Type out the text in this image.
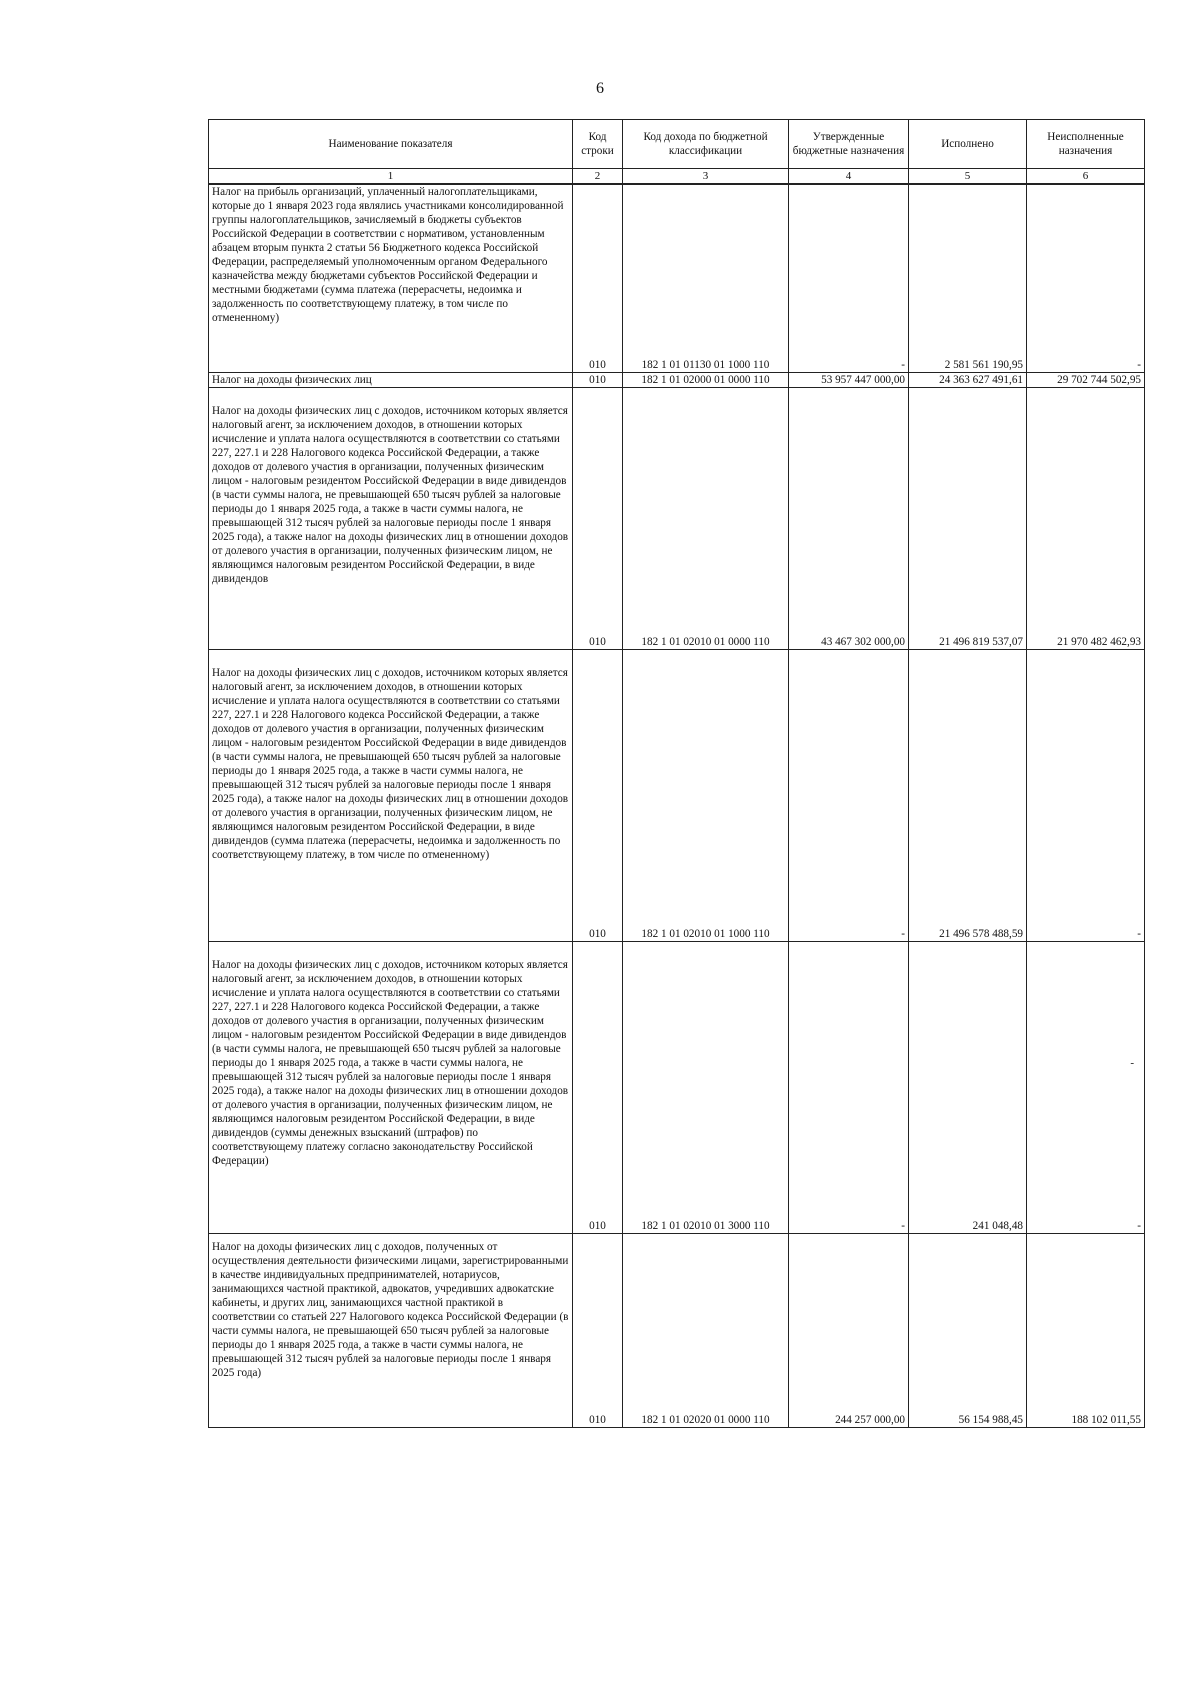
6
Наименование показателя	Код строки	Код дохода по бюджетной классификации	Утвержденные бюджетные назначения	Исполнено	Неисполненные назначения
1	2	3	4	5	6
Налог на прибыль организаций, уплаченный налогоплательщиками, которые до 1 января 2023 года являлись участниками консолидированной группы налогоплательщиков, зачисляемый в бюджеты субъектов Российской Федерации в соответствии с нормативом, установленным абзацем вторым пункта 2 статьи 56 Бюджетного кодекса Российской Федерации, распределяемый уполномоченным органом Федерального казначейства между бюджетами субъектов Российской Федерации и местными бюджетами (сумма платежа (перерасчеты, недоимка и задолженность по соответствующему платежу, в том числе по отмененному)	010	182 1 01 01130 01 1000 110	-	2 581 561 190,95	-
Налог на доходы физических лиц	010	182 1 01 02000 01 0000 110	53 957 447 000,00	24 363 627 491,61	29 702 744 502,95
Налог на доходы физических лиц с доходов, источником которых является налоговый агент, за исключением доходов, в отношении которых исчисление и уплата налога осуществляются в соответствии со статьями 227, 227.1 и 228 Налогового кодекса Российской Федерации, а также доходов от долевого участия в организации, полученных физическим лицом - налоговым резидентом Российской Федерации в виде дивидендов (в части суммы налога, не превышающей 650 тысяч рублей за налоговые периоды до 1 января 2025 года, а также в части суммы налога, не превышающей 312 тысяч рублей за налоговые периоды после 1 января 2025 года), а также налог на доходы физических лиц в отношении доходов от долевого участия в организации, полученных физическим лицом, не являющимся налоговым резидентом Российской Федерации, в виде дивидендов	010	182 1 01 02010 01 0000 110	43 467 302 000,00	21 496 819 537,07	21 970 482 462,93
Налог на доходы физических лиц с доходов, источником которых является налоговый агент, за исключением доходов, в отношении которых исчисление и уплата налога осуществляются в соответствии со статьями 227, 227.1 и 228 Налогового кодекса Российской Федерации, а также доходов от долевого участия в организации, полученных физическим лицом - налоговым резидентом Российской Федерации в виде дивидендов (в части суммы налога, не превышающей 650 тысяч рублей за налоговые периоды до 1 января 2025 года, а также в части суммы налога, не превышающей 312 тысяч рублей за налоговые периоды после 1 января 2025 года), а также налог на доходы физических лиц в отношении доходов от долевого участия в организации, полученных физическим лицом, не являющимся налоговым резидентом Российской Федерации, в виде дивидендов (сумма платежа (перерасчеты, недоимка и задолженность по соответствующему платежу, в том числе по отмененному)	010	182 1 01 02010 01 1000 110	-	21 496 578 488,59	-
Налог на доходы физических лиц с доходов, источником которых является налоговый агент, за исключением доходов, в отношении которых исчисление и уплата налога осуществляются в соответствии со статьями 227, 227.1 и 228 Налогового кодекса Российской Федерации, а также доходов от долевого участия в организации, полученных физическим лицом - налоговым резидентом Российской Федерации в виде дивидендов (в части суммы налога, не превышающей 650 тысяч рублей за налоговые периоды до 1 января 2025 года, а также в части суммы налога, не превышающей 312 тысяч рублей за налоговые периоды после 1 января 2025 года), а также налог на доходы физических лиц в отношении доходов от долевого участия в организации, полученных физическим лицом, не являющимся налоговым резидентом Российской Федерации, в виде дивидендов (суммы денежных взысканий (штрафов) по соответствующему платежу согласно законодательству Российской Федерации)	010	182 1 01 02010 01 3000 110	-	241 048,48	-
Налог на доходы физических лиц с доходов, полученных от осуществления деятельности физическими лицами, зарегистрированными в качестве индивидуальных предпринимателей, нотариусов, занимающихся частной практикой, адвокатов, учредивших адвокатские кабинеты, и других лиц, занимающихся частной практикой в соответствии со статьей 227 Налогового кодекса Российской Федерации (в части суммы налога, не превышающей 650 тысяч рублей за налоговые периоды до 1 января 2025 года, а также в части суммы налога, не превышающей 312 тысяч рублей за налоговые периоды после 1 января 2025 года)	010	182 1 01 02020 01 0000 110	244 257 000,00	56 154 988,45	188 102 011,55
-
